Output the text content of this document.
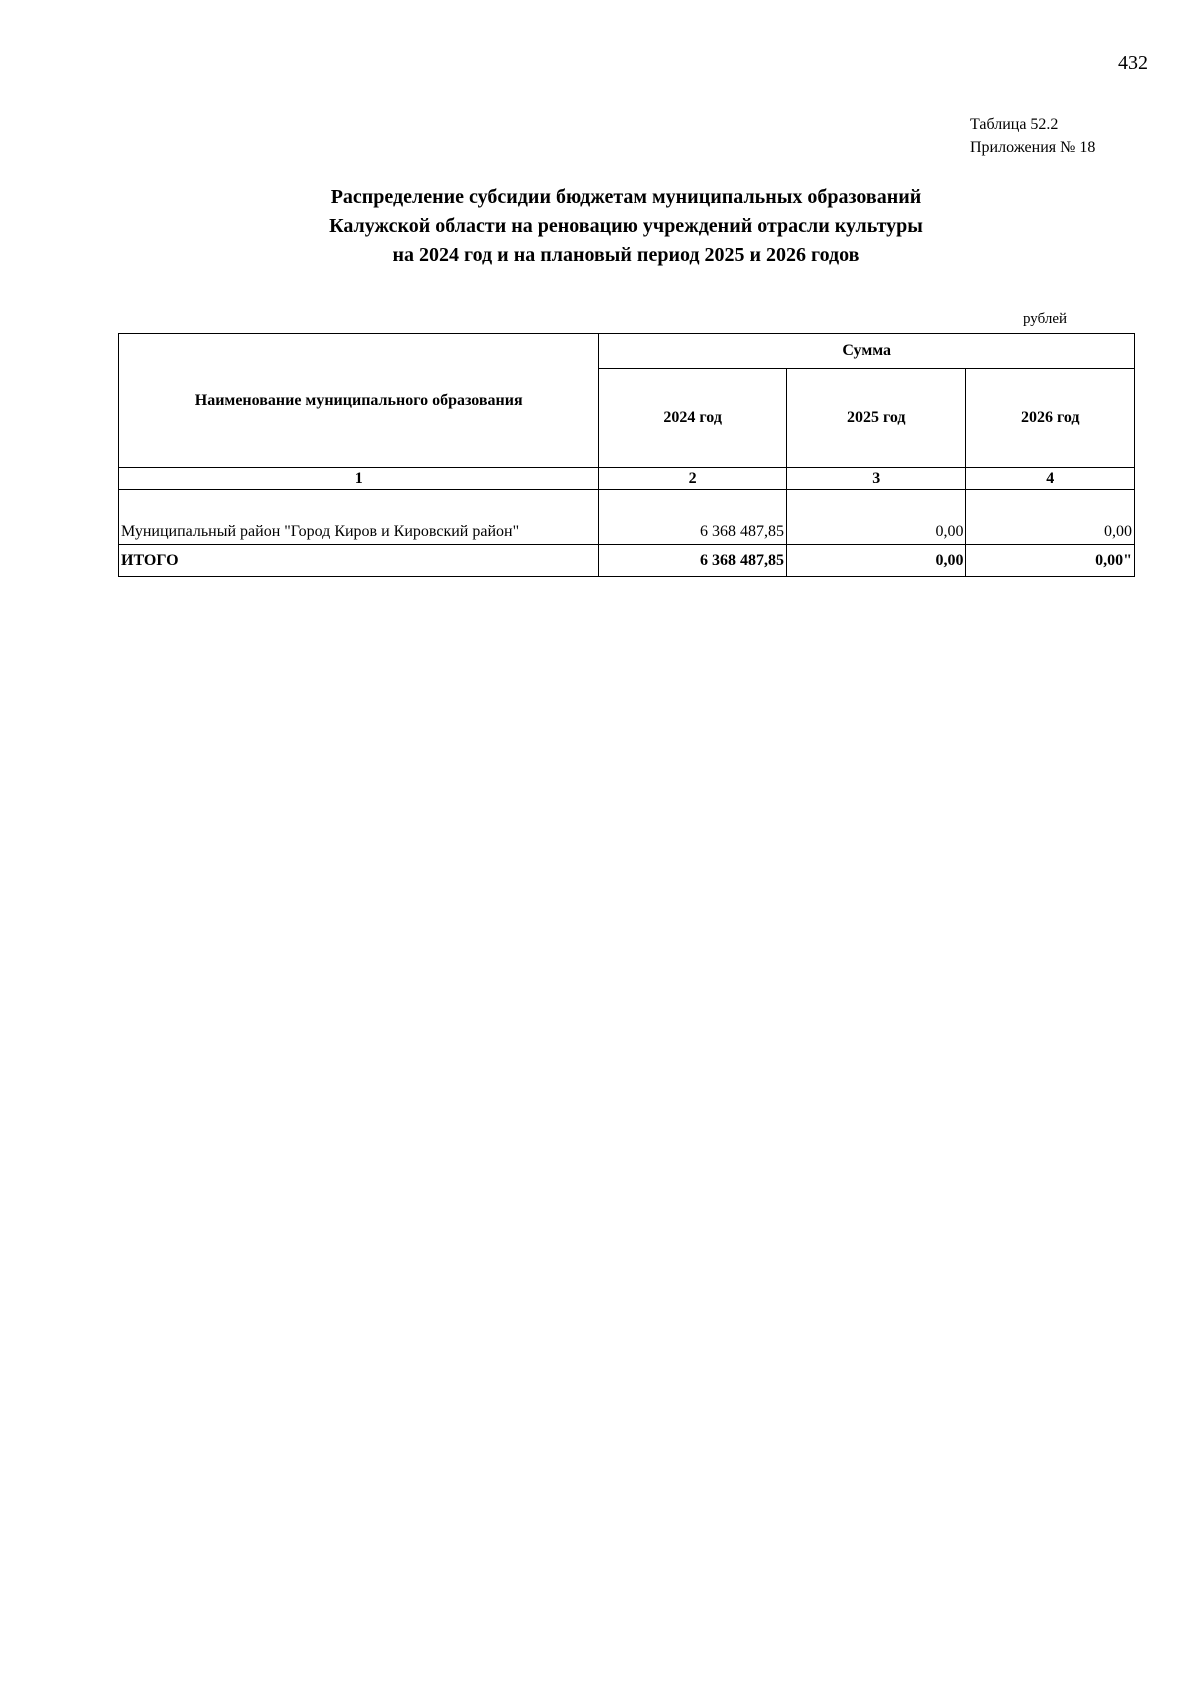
432
Таблица 52.2
Приложения № 18
Распределение субсидии бюджетам муниципальных образований
Калужской области на реновацию учреждений отрасли культуры
на 2024 год и на плановый период 2025 и 2026 годов
рублей
Наименование муниципального образования	Сумма		
	2024 год	2025 год	2026 год
1	2	3	4
Муниципальный район "Город Киров и Кировский район"	6 368 487,85	0,00	0,00
ИТОГО	6 368 487,85	0,00	0,00"
